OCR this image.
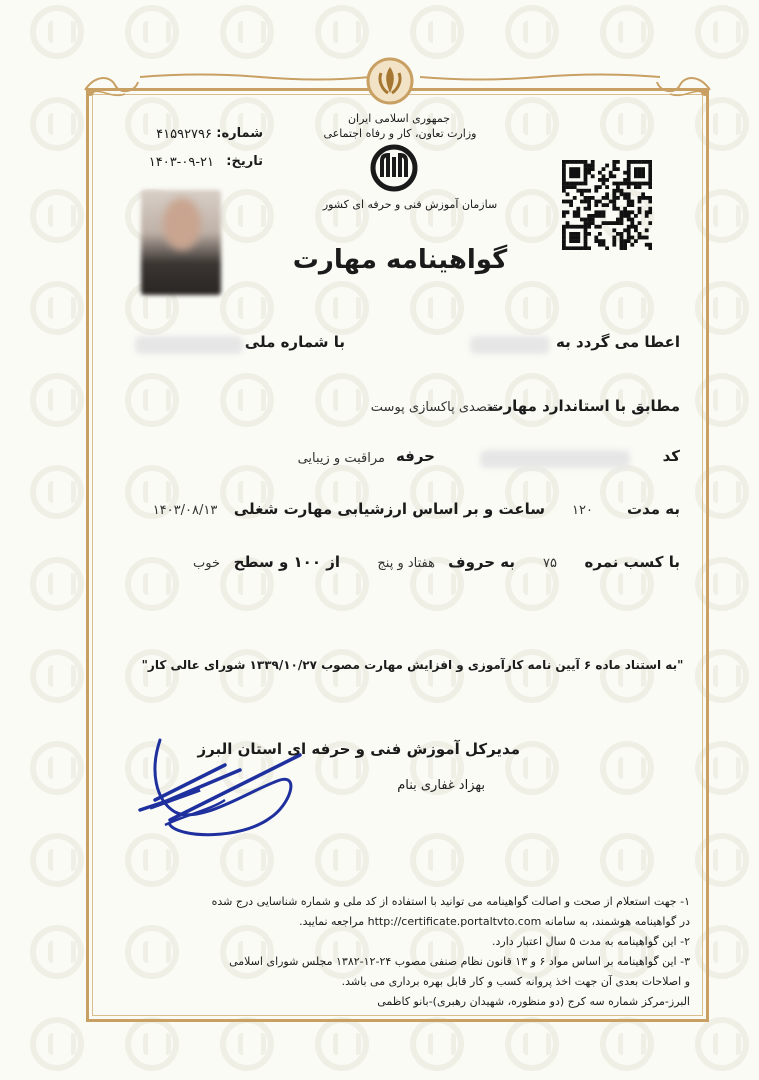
جمهوری اسلامی ایران
وزارت تعاون، کار و رفاه اجتماعی
سازمان آموزش فنی و حرفه ای کشور
شماره:
۴۱۵۹۲۷۹۶
تاریخ:
۱۴۰۳-۰۹-۲۱
گواهینامه مهارت
اعطا می گردد به
با شماره ملی
مطابق با استاندارد مهارت
متصدی پاکسازی پوست
کد
حرفه
مراقبت و زیبایی
به مدت
۱۲۰
ساعت و بر اساس ارزشیابی مهارت شغلی
۱۴۰۳/۰۸/۱۳
با کسب نمره
۷۵
به حروف
هفتاد و پنج
از ۱۰۰ و سطح
خوب
"به استناد ماده ۶ آیین نامه کارآموزی و افزایش مهارت مصوب ۱۳۳۹/۱۰/۲۷ شورای عالی کار"
مدیرکل آموزش فنی و حرفه ای استان البرز
بهزاد غفاری بنام
۱- جهت استعلام از صحت و اصالت گواهینامه می توانید با استفاده از کد ملی و شماره شناسایی درج شده
در گواهینامه هوشمند، به سامانه http://certificate.portaltvto.com مراجعه نمایید.
۲- این گواهینامه به مدت ۵ سال اعتبار دارد.
۳- این گواهینامه بر اساس مواد ۶ و ۱۳ قانون نظام صنفی مصوب ۲۴-۱۲-۱۳۸۲ مجلس شورای اسلامی
و اصلاحات بعدی آن جهت اخذ پروانه کسب و کار قابل بهره برداری می باشد.
البرز-مرکز شماره سه کرج (دو منظوره، شهیدان رهبری)-بانو کاظمی
